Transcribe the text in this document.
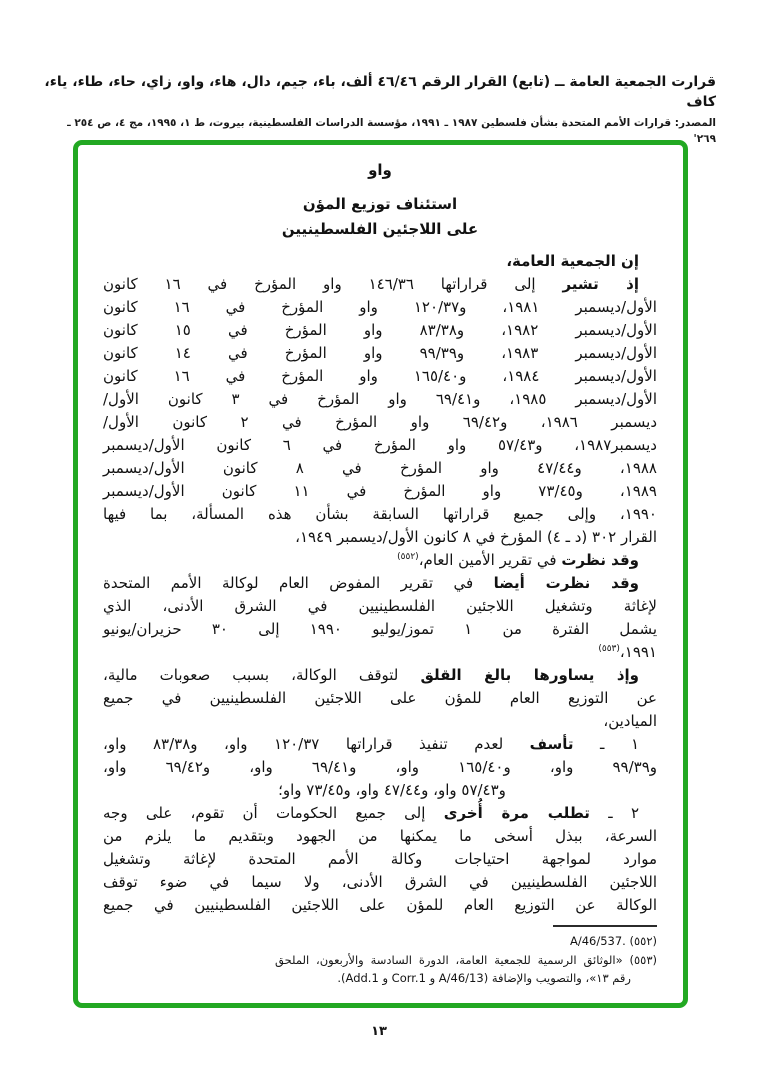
قرارت الجمعية العامة ــ (تابع) القرار الرقم ٤٦/٤٦ ألف، باء، جيم، دال، هاء، واو، زاي، حاء، طاء، ياء، كاف
المصدر: قرارات الأمم المتحدة بشأن فلسطين ١٩٨٧ ـ ١٩٩١، مؤسسة الدراسات الفلسطينية، بيروت، ط ١، ١٩٩٥، مج ٤، ص ٢٥٤ ـ ٢٦٩'
واو
استئناف توزيع المؤن
على اللاجئين الفلسطينيين
إن الجمعية العامة،
إذ تشير إلى قراراتها ١٤٦/٣٦ واو المؤرخ في ١٦ كانون
الأول/ديسمبر ١٩٨١، و١٢٠/٣٧ واو المؤرخ في ١٦ كانون
الأول/ديسمبر ١٩٨٢، و٨٣/٣٨ واو المؤرخ في ١٥ كانون
الأول/ديسمبر ١٩٨٣، و٩٩/٣٩ واو المؤرخ في ١٤ كانون
الأول/ديسمبر ١٩٨٤، و١٦٥/٤٠ واو المؤرخ في ١٦ كانون
الأول/ديسمبر ١٩٨٥، و٦٩/٤١ واو المؤرخ في ٣ كانون الأول/
ديسمبر ١٩٨٦، و٦٩/٤٢ واو المؤرخ في ٢ كانون الأول/
ديسمبر١٩٨٧، و٥٧/٤٣ واو المؤرخ في ٦ كانون الأول/ديسمبر
١٩٨٨، و٤٧/٤٤ واو المؤرخ في ٨ كانون الأول/ديسمبر
١٩٨٩، و٧٣/٤٥ واو المؤرخ في ١١ كانون الأول/ديسمبر
١٩٩٠، وإلى جميع قراراتها السابقة بشأن هذه المسألة، بما فيها
القرار ٣٠٢ (د ـ ٤) المؤرخ في ٨ كانون الأول/ديسمبر ١٩٤٩،
وقد نظرت في تقرير الأمين العام،$^{(٥٥٢)}$
وقد نظرت أيضا في تقرير المفوض العام لوكالة الأمم المتحدة
لإغاثة وتشغيل اللاجئين الفلسطينيين في الشرق الأدنى، الذي
يشمل الفترة من ١ تموز/يوليو ١٩٩٠ إلى ٣٠ حزيران/يونيو
١٩٩١،$^{(٥٥٣)}$
وإذ يساورها بالغ القلق لتوقف الوكالة، بسبب صعوبات مالية،
عن التوزيع العام للمؤن على اللاجئين الفلسطينيين في جميع
الميادين،
١ ـ تأسف لعدم تنفيذ قراراتها ١٢٠/٣٧ واو، و٨٣/٣٨ واو،
و٩٩/٣٩ واو، و١٦٥/٤٠ واو، و٦٩/٤١ واو، و٦٩/٤٢ واو،
و٥٧/٤٣ واو، و٤٧/٤٤ واو، و٧٣/٤٥ واو؛
٢ ـ تطلب مرة أُخرى إلى جميع الحكومات أن تقوم، على وجه
السرعة، ببذل أسخى ما يمكنها من الجهود وبتقديم ما يلزم من
موارد لمواجهة احتياجات وكالة الأمم المتحدة لإغاثة وتشغيل
اللاجئين الفلسطينيين في الشرق الأدنى، ولا سيما في ضوء توقف
الوكالة عن التوزيع العام للمؤن على اللاجئين الفلسطينيين في جميع
(٥٥٢) A/46/537.
(٥٥٣) «الوثائق الرسمية للجمعية العامة، الدورة السادسة والأربعون، الملحق
رقم ١٣»، والتصويب والإضافة (A/46/13 و Corr.1 و Add.1).
١٣
